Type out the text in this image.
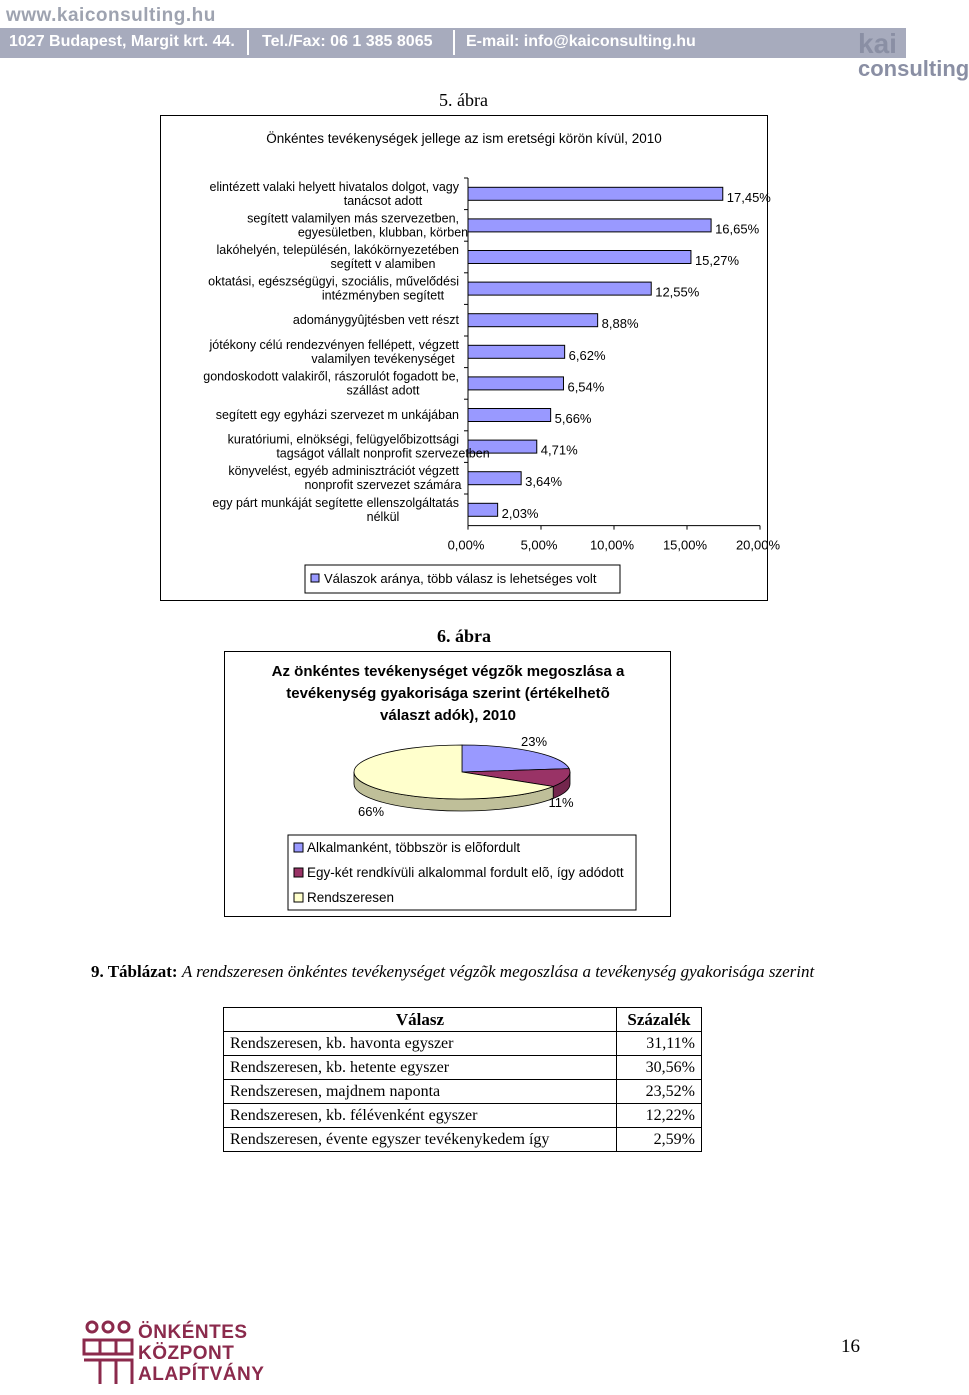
www.kaiconsulting.hu
1027 Budapest, Margit krt. 44. Tel./Fax: 06 1 385 8065 E-mail: info@kaiconsulting.hu	kai
consulting
5. ábra
Önkéntes tevékenységek jellege az ism eretségi körön kívül, 2010
17,45%
elintézett valaki helyett hivatalos dolgot, vagy
tanácsot adott
16,65%
segített valamilyen más szervezetben,
egyesületben, klubban, körben
15,27%
lakóhelyén, településén, lakókörnyezetében
segített v alamiben
12,55%
oktatási, egészségügyi, szociális, művelődési
intézményben segített
8,88%
adománygyûjtésben vett részt
6,62%
jótékony célú rendezvényen fellépett, végzett
valamilyen tevékenységet
6,54%
gondoskodott valakiről, rászorulót fogadott be,
szállást adott
5,66%
segített egy egyházi szervezet m unkájában
4,71%
kuratóriumi, elnökségi, felügyelőbizottsági
tagságot vállalt nonprofit szervezetben
3,64%
könyvelést, egyéb adminisztrációt végzett
nonprofit szervezet számára
2,03%
egy párt munkáját segítette ellenszolgáltatás
nélkül
0,00%	5,00%	10,00% 15,00% 20,00%
Válaszok aránya, több válasz is lehetséges volt
6. ábra
Az önkéntes tevékenységet végzõk megoszlása a
tevékenység gyakorisága szerint (értékelhetõ
választ adók), 2010
23%
11%
66%
Alkalmanként, többször is elõfordult
Egy-két rendkívüli alkalommal fordult elõ, így adódott
Rendszeresen
9. Táblázat: A rendszeresen önkéntes tevékenységet végzõk megoszlása a tevékenység gyakorisága szerint
Válasz	Százalék
Rendszeresen, kb. havonta egyszer	31,11%
Rendszeresen, kb. hetente egyszer	30,56%
Rendszeresen, majdnem naponta	23,52%
Rendszeresen, kb. félévenként egyszer	12,22%
Rendszeresen, évente egyszer tevékenykedem így	2,59%
ÖNKÉNTES
KÖZPONT
ALAPÍTVÁNY
16
